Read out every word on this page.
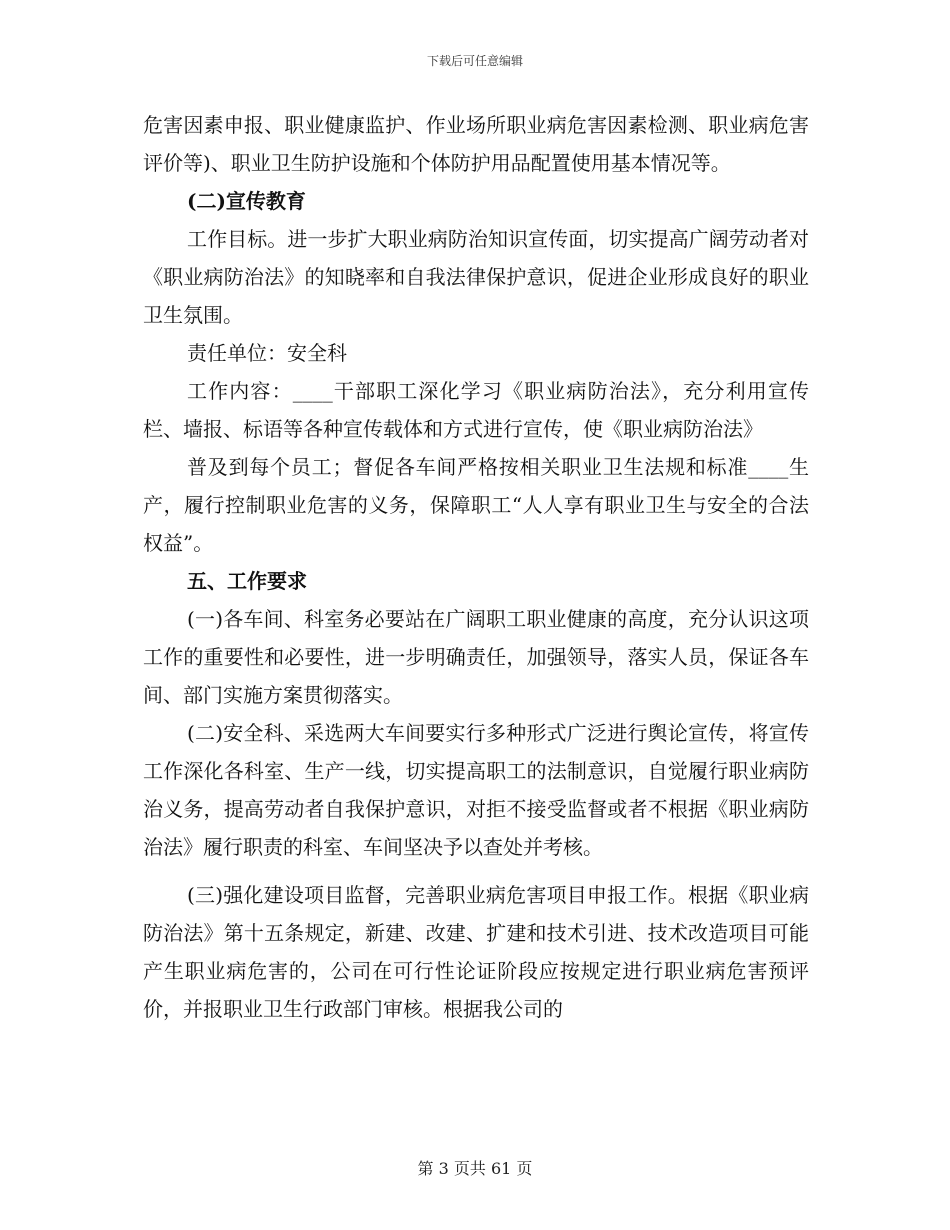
下载后可任意编辑

危害因素申报、职业健康监护、作业场所职业病危害因素检测、职业病危害评价等)、职业卫生防护设施和个体防护用品配置使用基本情况等。

(二)宣传教育

工作目标。进一步扩大职业病防治知识宣传面，切实提高广阔劳动者对《职业病防治法》的知晓率和自我法律保护意识，促进企业形成良好的职业卫生氛围。

责任单位：安全科

工作内容：____干部职工深化学习《职业病防治法》，充分利用宣传栏、墙报、标语等各种宣传载体和方式进行宣传，使《职业病防治法》

普及到每个员工；督促各车间严格按相关职业卫生法规和标准____生产，履行控制职业危害的义务，保障职工“人人享有职业卫生与安全的合法权益”。

五、工作要求

(一)各车间、科室务必要站在广阔职工职业健康的高度，充分认识这项工作的重要性和必要性，进一步明确责任，加强领导，落实人员，保证各车间、部门实施方案贯彻落实。

(二)安全科、采选两大车间要实行多种形式广泛进行舆论宣传，将宣传工作深化各科室、生产一线，切实提高职工的法制意识，自觉履行职业病防治义务，提高劳动者自我保护意识，对拒不接受监督或者不根据《职业病防治法》履行职责的科室、车间坚决予以查处并考核。

(三)强化建设项目监督，完善职业病危害项目申报工作。根据《职业病防治法》第十五条规定，新建、改建、扩建和技术引进、技术改造项目可能产生职业病危害的，公司在可行性论证阶段应按规定进行职业病危害预评价，并报职业卫生行政部门审核。根据我公司的

第 3 页共 61 页
